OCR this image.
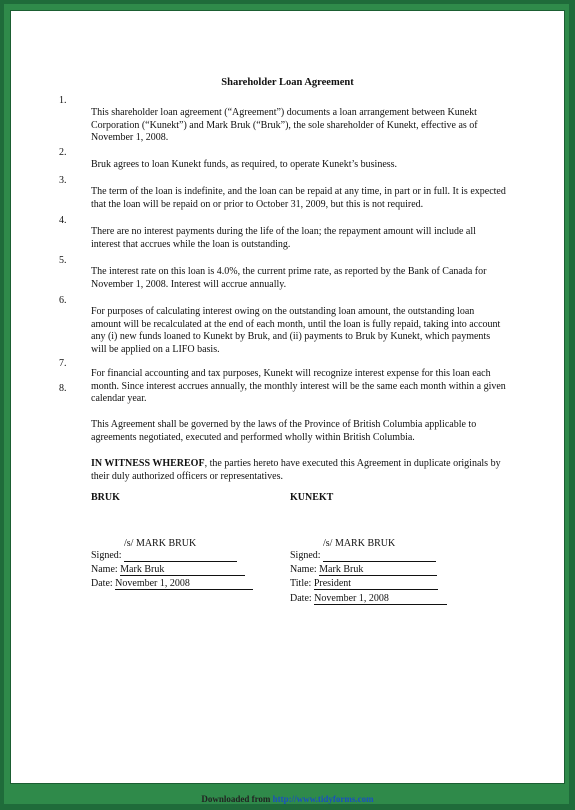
Shareholder Loan Agreement
1.
This shareholder loan agreement (“Agreement”) documents a loan arrangement between Kunekt Corporation (“Kunekt”) and Mark Bruk (“Bruk”), the sole shareholder of Kunekt, effective as of November 1, 2008.
2.
Bruk agrees to loan Kunekt funds, as required, to operate Kunekt’s business.
3.
The term of the loan is indefinite, and the loan can be repaid at any time, in part or in full. It is expected that the loan will be repaid on or prior to October 31, 2009, but this is not required.
4.
There are no interest payments during the life of the loan; the repayment amount will include all interest that accrues while the loan is outstanding.
5.
The interest rate on this loan is 4.0%, the current prime rate, as reported by the Bank of Canada for November 1, 2008. Interest will accrue annually.
6.
For purposes of calculating interest owing on the outstanding loan amount, the outstanding loan amount will be recalculated at the end of each month, until the loan is fully repaid, taking into account any (i) new funds loaned to Kunekt by Bruk, and (ii) payments to Bruk by Kunekt, which payments will be applied on a LIFO basis.
7.
For financial accounting and tax purposes, Kunekt will recognize interest expense for this loan each month. Since interest accrues annually, the monthly interest will be the same each month within a given calendar year.
8.
This Agreement shall be governed by the laws of the Province of British Columbia applicable to agreements negotiated, executed and performed wholly within British Columbia.
IN WITNESS WHEREOF, the parties hereto have executed this Agreement in duplicate originals by their duly authorized officers or representatives.
BRUK
/s/ MARK BRUK
Signed:
Name: Mark Bruk
Date: November 1, 2008
KUNEKT
/s/ MARK BRUK
Signed:
Name: Mark Bruk
Title: President
Date: November 1, 2008
Downloaded from http://www.tidyforms.com
